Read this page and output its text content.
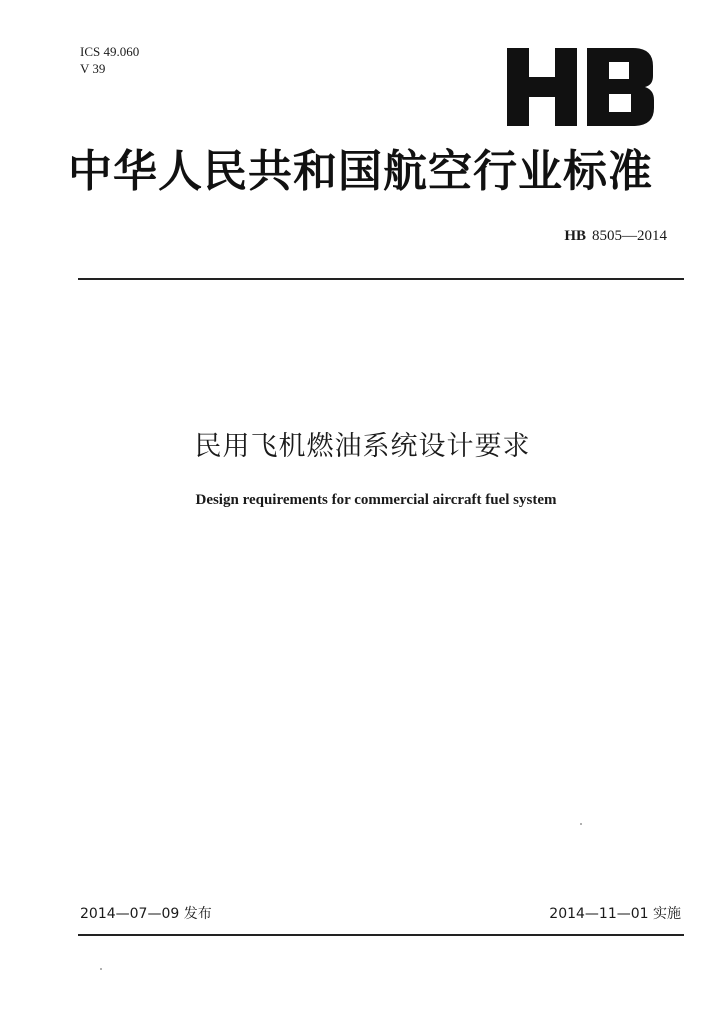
ICS 49.060
V 39
中华人民共和国航空行业标准
HB 8505—2014
民用飞机燃油系统设计要求
Design requirements for commercial aircraft fuel system
2014—07—09 发布	2014—11—01 实施
